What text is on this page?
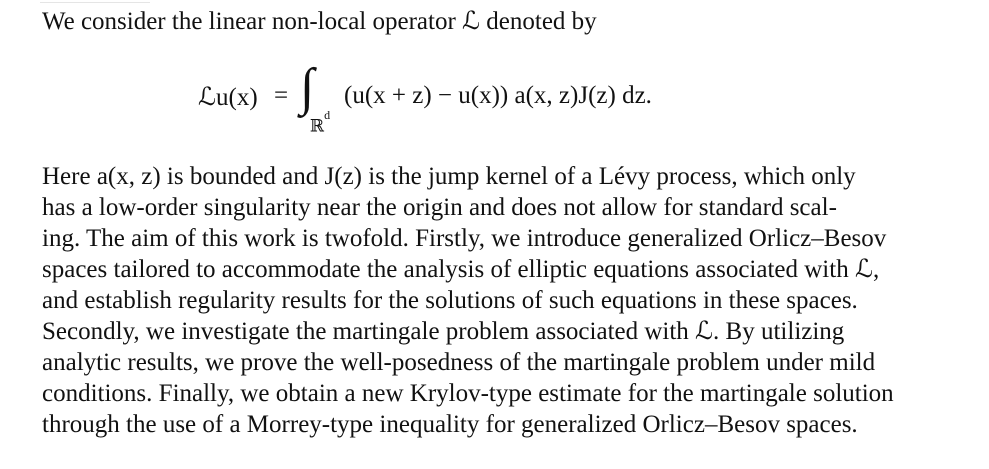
We consider the linear non-local operator ℒ denoted by
ℒu(x) = ∫
ℝ$^d$
(u(x + z) − u(x)) a(x, z)J(z) dz.
Here a(x, z) is bounded and J(z) is the jump kernel of a Lévy process, which only
has a low-order singularity near the origin and does not allow for standard scal-
ing. The aim of this work is twofold. Firstly, we introduce generalized Orlicz–Besov
spaces tailored to accommodate the analysis of elliptic equations associated with ℒ,
and establish regularity results for the solutions of such equations in these spaces.
Secondly, we investigate the martingale problem associated with ℒ. By utilizing
analytic results, we prove the well-posedness of the martingale problem under mild
conditions. Finally, we obtain a new Krylov-type estimate for the martingale solution
through the use of a Morrey-type inequality for generalized Orlicz–Besov spaces.
